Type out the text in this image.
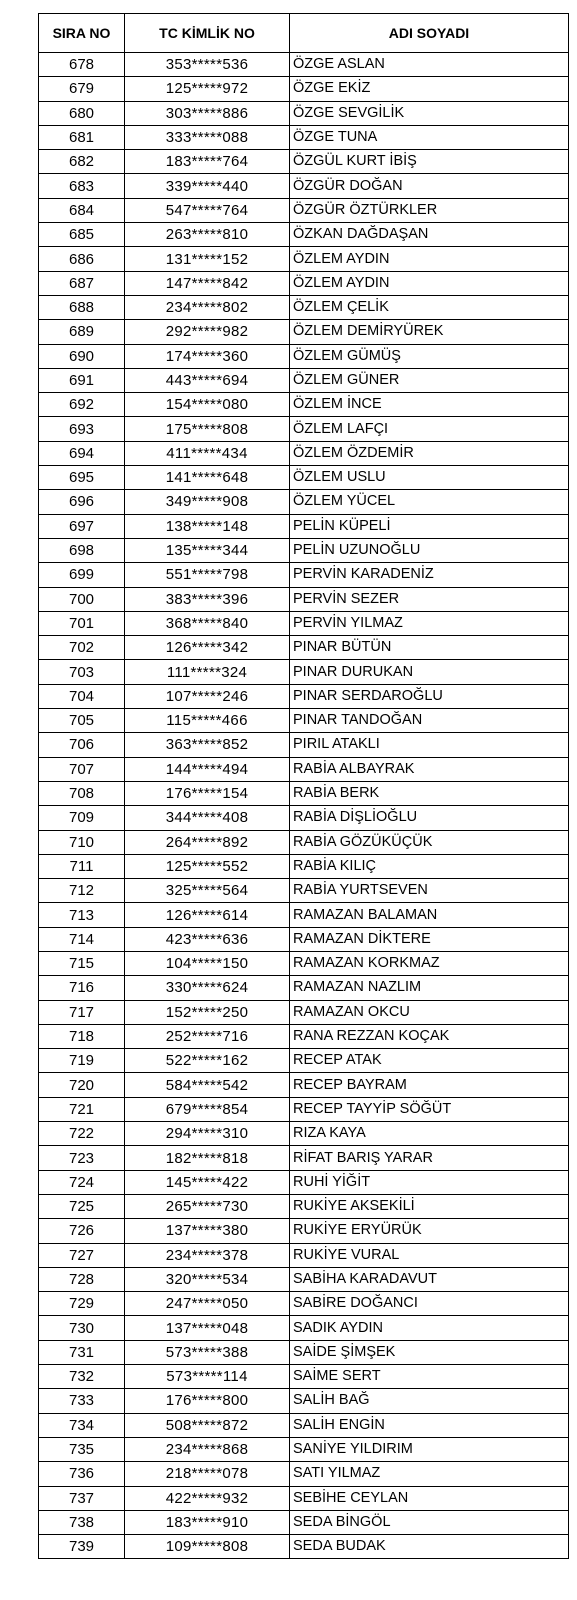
SIRA NO	TC KİMLİK NO	ADI SOYADI
678	353*****536	ÖZGE ASLAN
679	125*****972	ÖZGE EKİZ
680	303*****886	ÖZGE SEVGİLİK
681	333*****088	ÖZGE TUNA
682	183*****764	ÖZGÜL KURT İBİŞ
683	339*****440	ÖZGÜR DOĞAN
684	547*****764	ÖZGÜR ÖZTÜRKLER
685	263*****810	ÖZKAN DAĞDAŞAN
686	131*****152	ÖZLEM AYDIN
687	147*****842	ÖZLEM AYDIN
688	234*****802	ÖZLEM ÇELİK
689	292*****982	ÖZLEM DEMİRYÜREK
690	174*****360	ÖZLEM GÜMÜŞ
691	443*****694	ÖZLEM GÜNER
692	154*****080	ÖZLEM İNCE
693	175*****808	ÖZLEM LAFÇI
694	411*****434	ÖZLEM ÖZDEMİR
695	141*****648	ÖZLEM USLU
696	349*****908	ÖZLEM YÜCEL
697	138*****148	PELİN KÜPELİ
698	135*****344	PELİN UZUNOĞLU
699	551*****798	PERVİN KARADENİZ
700	383*****396	PERVİN SEZER
701	368*****840	PERVİN YILMAZ
702	126*****342	PINAR BÜTÜN
703	111*****324	PINAR DURUKAN
704	107*****246	PINAR SERDAROĞLU
705	115*****466	PINAR TANDOĞAN
706	363*****852	PIRIL ATAKLI
707	144*****494	RABİA ALBAYRAK
708	176*****154	RABİA BERK
709	344*****408	RABİA DİŞLİOĞLU
710	264*****892	RABİA GÖZÜKÜÇÜK
711	125*****552	RABİA KILIÇ
712	325*****564	RABİA YURTSEVEN
713	126*****614	RAMAZAN BALAMAN
714	423*****636	RAMAZAN DİKTERE
715	104*****150	RAMAZAN KORKMAZ
716	330*****624	RAMAZAN NAZLIM
717	152*****250	RAMAZAN OKCU
718	252*****716	RANA REZZAN KOÇAK
719	522*****162	RECEP ATAK
720	584*****542	RECEP BAYRAM
721	679*****854	RECEP TAYYİP SÖĞÜT
722	294*****310	RIZA KAYA
723	182*****818	RİFAT BARIŞ YARAR
724	145*****422	RUHİ YİĞİT
725	265*****730	RUKİYE AKSEKİLİ
726	137*****380	RUKİYE ERYÜRÜK
727	234*****378	RUKİYE VURAL
728	320*****534	SABİHA KARADAVUT
729	247*****050	SABİRE DOĞANCI
730	137*****048	SADIK AYDIN
731	573*****388	SAİDE ŞİMŞEK
732	573*****114	SAİME SERT
733	176*****800	SALİH BAĞ
734	508*****872	SALİH ENGİN
735	234*****868	SANİYE YILDIRIM
736	218*****078	SATI YILMAZ
737	422*****932	SEBİHE CEYLAN
738	183*****910	SEDA BİNGÖL
739	109*****808	SEDA BUDAK
